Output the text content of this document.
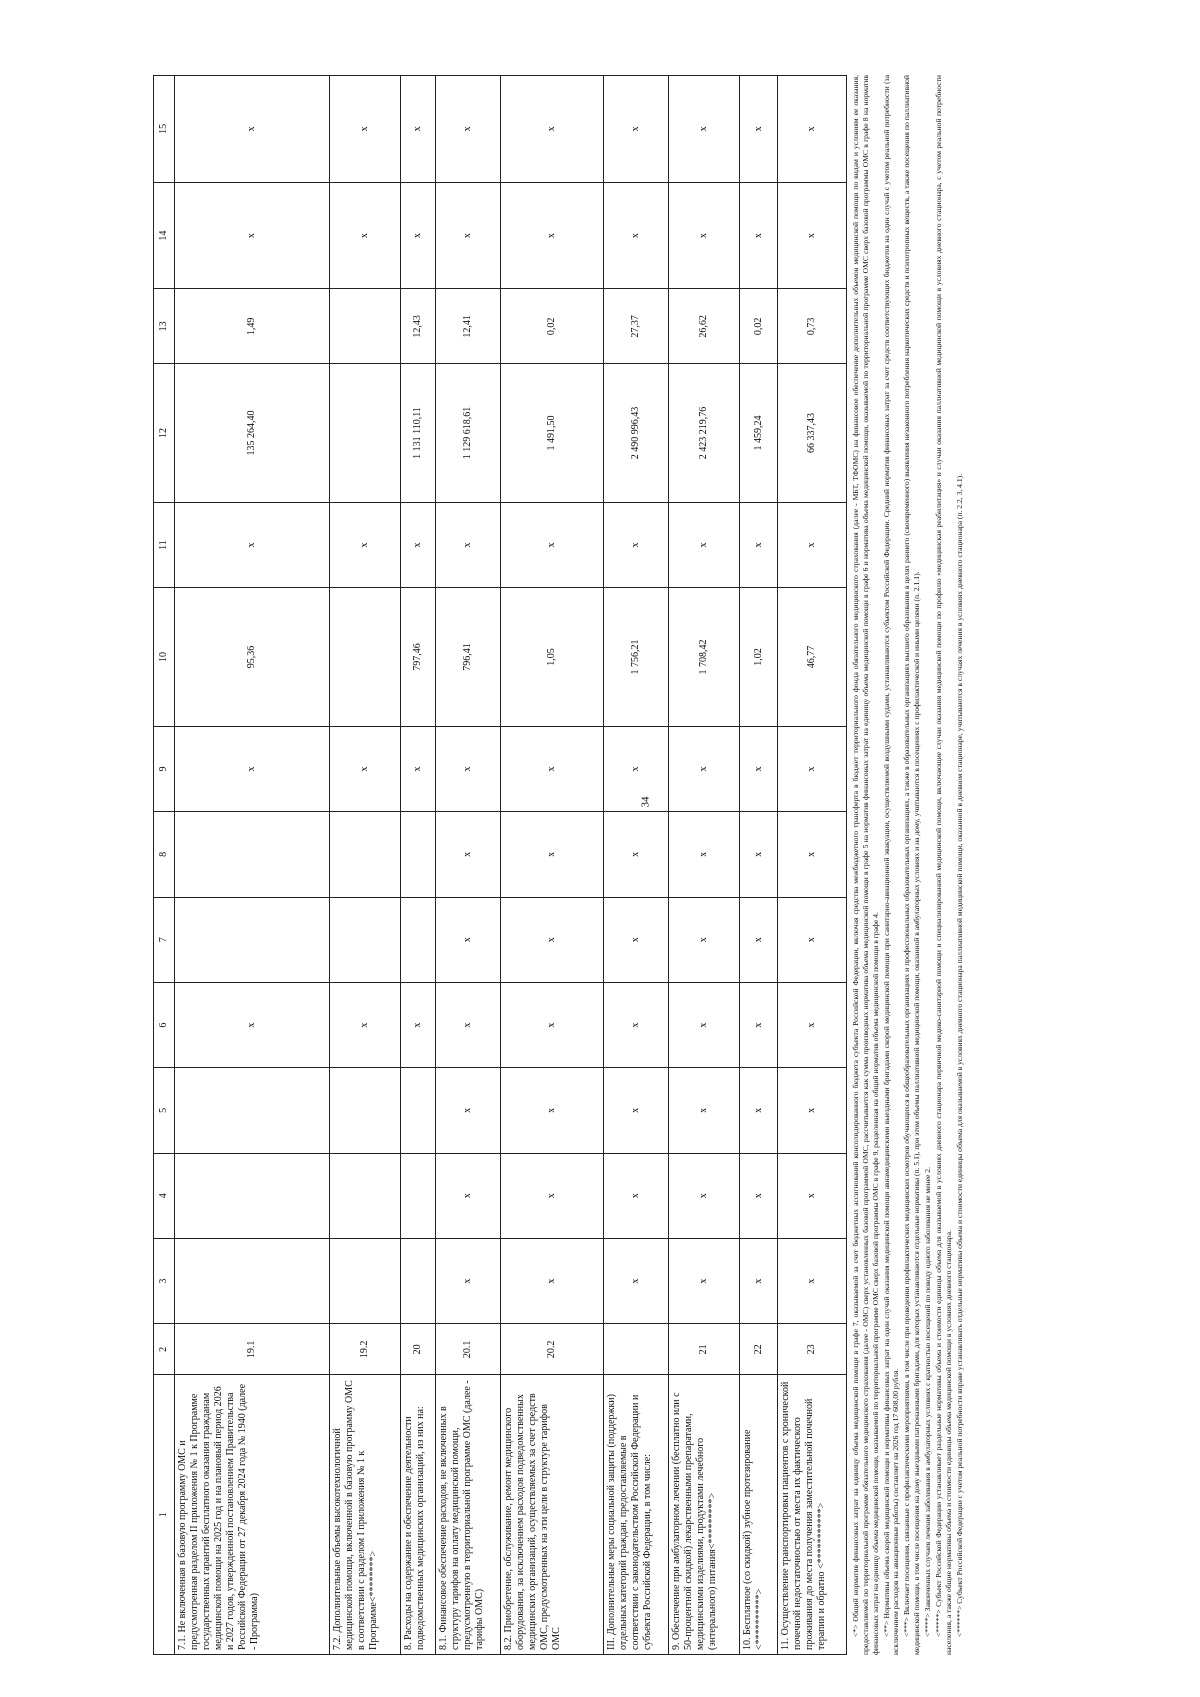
34
1	2	3	4	5	6	7	8	9	10	11	12	13	14	15
7.1. Не включенная в базовую программу ОМС и предусмотренная разделом II приложения № 1 к Программе государственных гарантий бесплатного оказания гражданам медицинской помощи на 2025 год и на плановый период 2026 и 2027 годов, утвержденной постановлением Правительства Российской Федерации от 27 декабря 2024 года № 1940 (далее - Программа)	19.1				х			х	95,36	х	135 264,40	1,49	х	х
7.2. Дополнительные объемы высокотехнологичной медицинской помощи, включенной в базовую программу ОМС в соответствии с разделом I приложения № 1 к Программе<********>	19.2				х			х		х			х	х
8. Расходы на содержание и обеспечение деятельности подведомственных медицинских организаций, из них на:	20				х			х	797,46	х	1 131 110,11	12,43	х	х
8.1. Финансовое обеспечение расходов, не включенных в структуру тарифов на оплату медицинской помощи, предусмотренную в территориальной программе ОМС (далее - тарифы ОМС)	20.1	х	х	х	х	х	х	х	796,41	х	1 129 618,61	12,41	х	х
8.2. Приобретение, обслуживание, ремонт медицинского оборудования, за исключением расходов подведомственных медицинских организаций, осуществляемых за счет средств ОМС, предусмотренных на эти цели в структуре тарифов ОМС	20.2	х	х	х	х	х	х	х	1,05	х	1 491,50	0,02	х	х
III. Дополнительные меры социальной защиты (поддержки) отдельных категорий граждан, предоставляемые в соответствии с законодательством Российской Федерации и субъекта Российской Федерации, в том числе:		х	х	х	х	х	х	х	1 756,21	х	2 490 996,43	27,37	х	х
9. Обеспечение при амбулаторном лечении (бесплатно или с 50-процентной скидкой) лекарственными препаратами, медицинскими изделиями, продуктами лечебного (энтерального) питания<*********>	21	х	х	х	х	х	х	х	1 708,42	х	2 423 219,76	26,62	х	х
10. Бесплатное (со скидкой) зубное протезирование <**********>	22	х	х	х	х	х	х	х	1,02	х	1 459,24	0,02	х	х
11. Осуществление транспортировки пациентов с хронической почечной недостаточностью от места их фактического проживания до места получения заместительной почечной терапии и обратно <***********>	23	х	х	х	х	х	х	х	46,77	х	66 337,43	0,73	х	х	<*> Общий норматив финансовых затрат на единицу объема медицинской помощи в графе 7, оказываемой за счет бюджетных ассигнований консолидированного бюджета субъекта Российской Федерации, включая средства межбюджетного трансферта в бюджет территориального фонда обязательного медицинского страхования (далее - МБТ, ТФОМС) на финансовое обеспечение дополнительных объемов медицинской помощи по видам и условиям ее оказания, предоставляемой по территориальной программе обязательного медицинского страхования (далее - ОМС) сверх установленных базовой программой ОМС, рассчитывается как сумма производных норматива объема медицинской помощи в графе 5 на норматив финансовых затрат на единицу объема медицинской помощи в графе 6 и норматива объема медицинской помощи, оказываемой по территориальной программе ОМС сверх базовой программы ОМС в графе 8 на норматив финансовых затрат на единицу объема медицинской помощи, оказываемой по территориальной программе ОМС сверх базовой программы ОМС в графе 9, разделенная на общий норматив объема медицинской помощи в графе 4. <**> Нормативы объема скорой медицинской помощи и нормативы финансовых затрат на один случай оказания медицинской помощи авиамедицинскими выездными бригадами скорой медицинской помощи при санитарно-авиационной эвакуации, осуществляемой воздушными судами, устанавливаются субъектом Российской Федерации. Средний норматив финансовых затрат за счет средств соответствующих бюджетов на один случай с учетом реальной потребности (за исключением расходов на авиационные работы) составляет на 2026 год 17 608,00 рубля. <***> Включает посещения, связанные с профилактическими мероприятиями, в том числе при проведении профилактических медицинских осмотров обучающихся в общеобразовательных организациях и профессиональных образовательных организациях, а также в образовательных организациях высшего образования в целях раннего (своевременного) выявления незаконного потребления наркотических средств и психотропных веществ, а также посещения по паллиативной медицинской помощи, в том числе посещения на дому выездными патронажными бригадами, для которых устанавливаются отдельные нормативы (п. 5.1), при этом объемы паллиативной медицинской помощи, оказанной в амбулаторных условиях и на дому, учитываются в посещениях с профилактической и иными целями (п. 2.1.1). <****> Законченных случаев лечения заболевания в амбулаторных условиях с кратностью посещений по поводу одного заболевания не менее 2. <*****> Субъект Российской Федерации устанавливает раздельные нормативы объема и стоимости единицы объема для оказываемой в условиях дневного стационара первичной медико-санитарной помощи и специализированной медицинской помощи, включающие случаи оказания медицинской помощи по профилю «медицинская реабилитация» и случаи оказания паллиативной медицинской помощи в условиях дневного стационара, с учетом реальной потребности населения, а также общие нормативы объема и стоимости единицы объема медицинской помощи в условиях дневного стационара. <******> Субъект Российской Федерации с учетом реальной потребности вправе устанавливать отдельные нормативы объема и стоимости единицы объема для оказываемой в условиях дневного стационара паллиативной медицинской помощи, оказанной в дневном стационаре, учитываются в случаях лечения в условиях дневного стационара (п. 2.2, 3, 4.1).
